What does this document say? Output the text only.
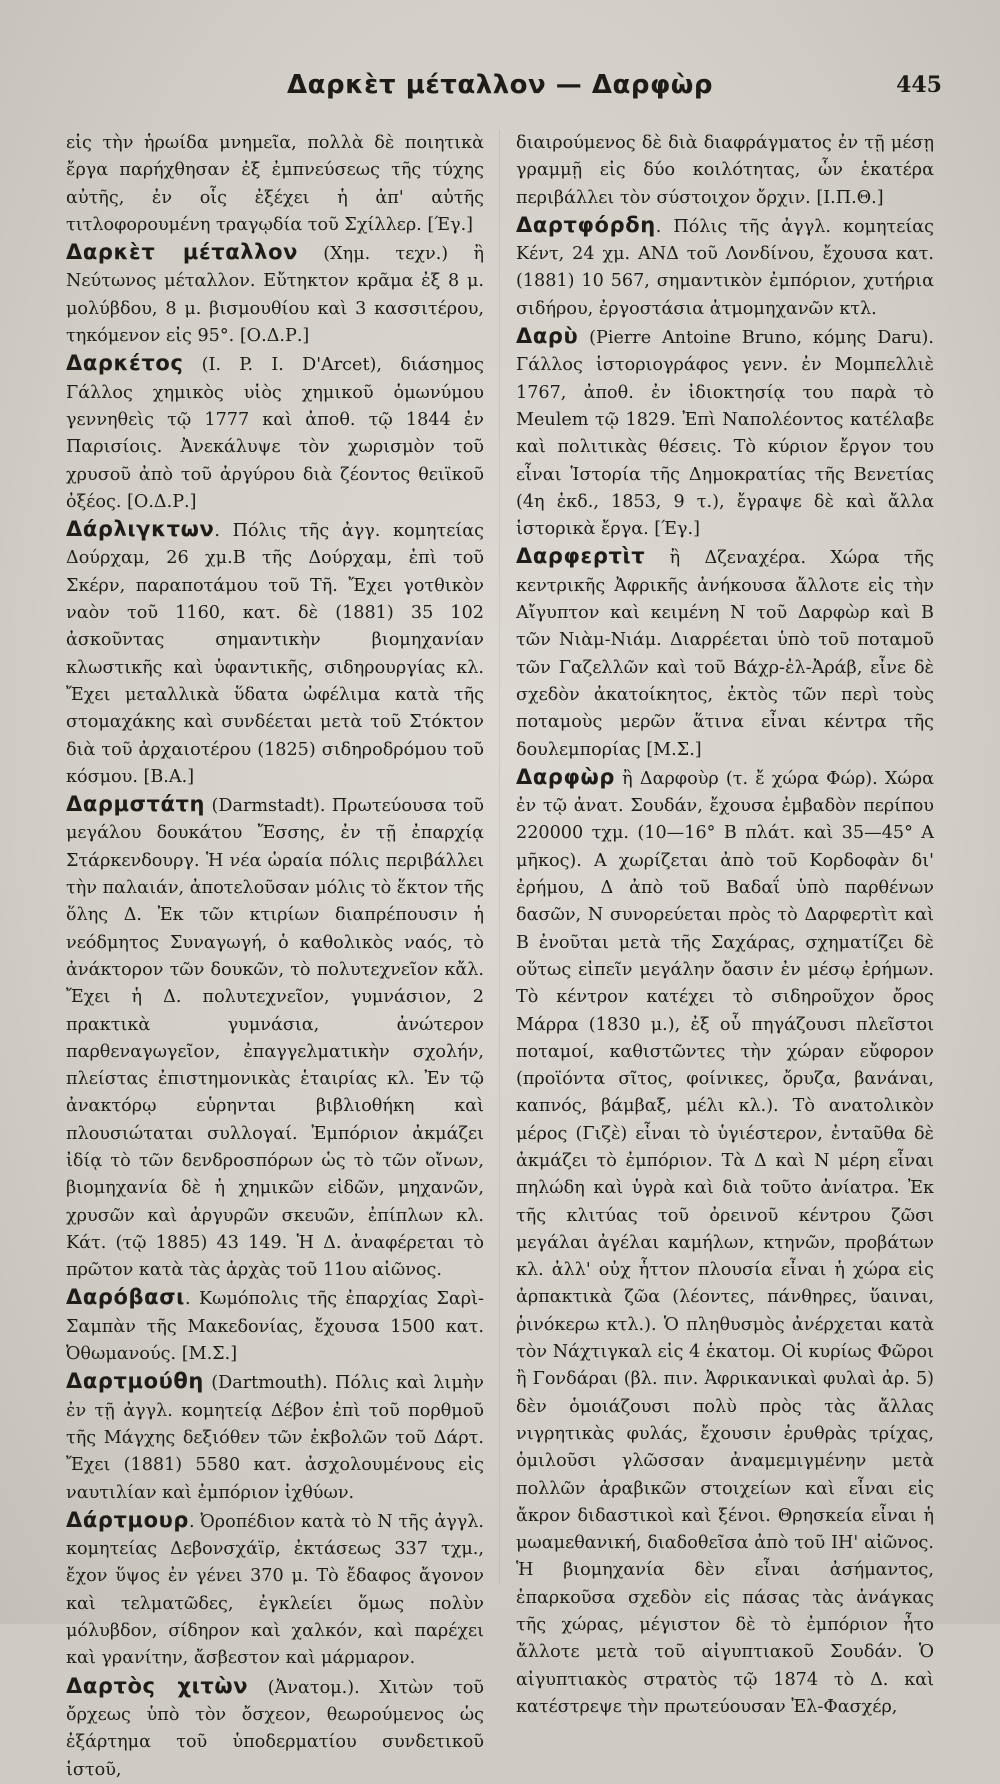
Δαρκὲτ μέταλλον — Δαρφὼρ	445

εἰς τὴν ἡρωίδα μνημεῖα, πολλὰ δὲ ποιητικὰ ἔργα παρήχθησαν ἐξ ἐμπνεύσεως τῆς τύχης αὐτῆς, ἐν οἷς ἐξέχει ἡ ἀπ' αὐτῆς τιτλοφορουμένη τραγῳδία τοῦ Σχίλλερ. [Έγ.]

Δαρκὲτ μέταλλον (Χημ. τεχν.) ἢ Νεύτωνος μέταλλον. Εὔτηκτον κρᾶμα ἐξ 8 μ. μολύβδου, 8 μ. βισμουθίου καὶ 3 κασσιτέρου, τηκόμενον εἰς 95°. [Ο.Δ.Ρ.]

Δαρκέτος (I. P. I. D'Arcet), διάσημος Γάλλος χημικὸς υἱὸς χημικοῦ ὁμωνύμου γεννηθεὶς τῷ 1777 καὶ ἀποθ. τῷ 1844 ἐν Παρισίοις. Ἀνεκάλυψε τὸν χωρισμὸν τοῦ χρυσοῦ ἀπὸ τοῦ ἀργύρου διὰ ζέοντος θειϊκοῦ ὀξέος. [Ο.Δ.Ρ.]

Δάρλιγκτων. Πόλις τῆς ἀγγ. κομητείας Δούρχαμ, 26 χμ.Β τῆς Δούρχαμ, ἐπὶ τοῦ Σκέρν, παραποτάμου τοῦ Τῆ. Ἔχει γοτθικὸν ναὸν τοῦ 1160, κατ. δὲ (1881) 35 102 ἀσκοῦντας σημαντικὴν βιομηχανίαν κλωστικῆς καὶ ὑφαντικῆς, σιδηρουργίας κλ. Ἔχει μεταλλικὰ ὕδατα ὠφέλιμα κατὰ τῆς στομαχάκης καὶ συνδέεται μετὰ τοῦ Στόκτον διὰ τοῦ ἀρχαιοτέρου (1825) σιδηροδρόμου τοῦ κόσμου. [Β.Α.]

Δαρμστάτη (Darmstadt). Πρωτεύουσα τοῦ μεγάλου δουκάτου Ἔσσης, ἐν τῇ ἐπαρχίᾳ Στάρκενδουργ. Ἡ νέα ὡραία πόλις περιβάλλει τὴν παλαιάν, ἀποτελοῦσαν μόλις τὸ ἕκτον τῆς ὅλης Δ. Ἐκ τῶν κτιρίων διαπρέπουσιν ἡ νεόδμητος Συναγωγή, ὁ καθολικὸς ναός, τὸ ἀνάκτορον τῶν δουκῶν, τὸ πολυτεχνεῖον κἄλ. Ἔχει ἡ Δ. πολυτεχνεῖον, γυμνάσιον, 2 πρακτικὰ γυμνάσια, ἀνώτερον παρθεναγωγεῖον, ἐπαγγελματικὴν σχολήν, πλείστας ἐπιστημονικὰς ἑταιρίας κλ. Ἐν τῷ ἀνακτόρῳ εὑρηνται βιβλιοθήκη καὶ πλουσιώταται συλλογαί. Ἐμπόριον ἀκμάζει ἰδίᾳ τὸ τῶν δενδροσπόρων ὡς τὸ τῶν οἴνων, βιομηχανία δὲ ἡ χημικῶν εἰδῶν, μηχανῶν, χρυσῶν καὶ ἀργυρῶν σκευῶν, ἐπίπλων κλ. Κάτ. (τῷ 1885) 43 149. Ἡ Δ. ἀναφέρεται τὸ πρῶτον κατὰ τὰς ἀρχὰς τοῦ 11ου αἰῶνος.

Δαρόβασι. Κωμόπολις τῆς ἐπαρχίας Σαρὶ-Σαμπὰν τῆς Μακεδονίας, ἔχουσα 1500 κατ. Ὀθωμανούς. [Μ.Σ.]

Δαρτμούθη (Dartmouth). Πόλις καὶ λιμὴν ἐν τῇ ἀγγλ. κομητείᾳ Δέβον ἐπὶ τοῦ πορθμοῦ τῆς Μάγχης δεξιόθεν τῶν ἐκβολῶν τοῦ Δάρτ. Ἔχει (1881) 5580 κατ. ἀσχολουμένους εἰς ναυτιλίαν καὶ ἐμπόριον ἰχθύων.

Δάρτμουρ. Ὀροπέδιον κατὰ τὸ Ν τῆς ἀγγλ. κομητείας Δεβονσχάϊρ, ἐκτάσεως 337 τχμ., ἔχον ὕψος ἐν γένει 370 μ. Τὸ ἔδαφος ἄγονον καὶ τελματῶδες, ἐγκλείει ὅμως πολὺν μόλυβδον, σίδηρον καὶ χαλκόν, καὶ παρέχει καὶ γρανίτην, ἄσβεστον καὶ μάρμαρον.

Δαρτὸς χιτὼν (Ἀνατομ.). Χιτὼν τοῦ ὄρχεως ὑπὸ τὸν ὄσχεον, θεωρούμενος ὡς ἐξάρτημα τοῦ ὑποδερματίου συνδετικοῦ ἱστοῦ,

διαιρούμενος δὲ διὰ διαφράγματος ἐν τῇ μέσῃ γραμμῇ εἰς δύο κοιλότητας, ὧν ἑκατέρα περιβάλλει τὸν σύστοιχον ὄρχιν. [Ι.Π.Θ.]

Δαρτφόρδη. Πόλις τῆς ἀγγλ. κομητείας Κέντ, 24 χμ. ΑΝΔ τοῦ Λονδίνου, ἔχουσα κατ. (1881) 10 567, σημαντικὸν ἐμπόριον, χυτήρια σιδήρου, ἐργοστάσια ἀτμομηχανῶν κτλ.

Δαρὺ (Pierre Antoine Bruno, κόμης Daru). Γάλλος ἱστοριογράφος γενν. ἐν Μομπελλιὲ 1767, ἀποθ. ἐν ἰδιοκτησίᾳ του παρὰ τὸ Meulem τῷ 1829. Ἐπὶ Ναπολέοντος κατέλαβε καὶ πολιτικὰς θέσεις. Τὸ κύριον ἔργον του εἶναι Ἱστορία τῆς Δημοκρατίας τῆς Βενετίας (4η ἐκδ., 1853, 9 τ.), ἔγραψε δὲ καὶ ἄλλα ἱστορικὰ ἔργα. [Έγ.]

Δαρφερτὶτ ἢ Δζεναχέρα. Χώρα τῆς κεντρικῆς Ἀφρικῆς ἀνήκουσα ἄλλοτε εἰς τὴν Αἴγυπτον καὶ κειμένη Ν τοῦ Δαρφὼρ καὶ Β τῶν Νιὰμ-Νιάμ. Διαρρέεται ὑπὸ τοῦ ποταμοῦ τῶν Γαζελλῶν καὶ τοῦ Βάχρ-ἐλ-Ἀράβ, εἶνε δὲ σχεδὸν ἀκατοίκητος, ἐκτὸς τῶν περὶ τοὺς ποταμοὺς μερῶν ἅτινα εἶναι κέντρα τῆς δουλεμπορίας [Μ.Σ.]

Δαρφὼρ ἢ Δαρφοὺρ (τ. ἔ χώρα Φώρ). Χώρα ἐν τῷ ἀνατ. Σουδάν, ἔχουσα ἐμβαδὸν περίπου 220000 τχμ. (10—16° Β πλάτ. καὶ 35—45° Α μῆκος). Α χωρίζεται ἀπὸ τοῦ Κορδοφὰν δι' ἐρήμου, Δ ἀπὸ τοῦ Βαδαΐ ὑπὸ παρθένων δασῶν, Ν συνορεύεται πρὸς τὸ Δαρφερτὶτ καὶ Β ἐνοῦται μετὰ τῆς Σαχάρας, σχηματίζει δὲ οὕτως εἰπεῖν μεγάλην ὄασιν ἐν μέσῳ ἐρήμων. Τὸ κέντρον κατέχει τὸ σιδηροῦχον ὄρος Μάρρα (1830 μ.), ἐξ οὗ πηγάζουσι πλεῖστοι ποταμοί, καθιστῶντες τὴν χώραν εὔφορον (προϊόντα σῖτος, φοίνικες, ὄρυζα, βανάναι, καπνός, βάμβαξ, μέλι κλ.). Τὸ ανατολικὸν μέρος (Γιζὲ) εἶναι τὸ ὑγιέστερον, ἐνταῦθα δὲ ἀκμάζει τὸ ἐμπόριον. Τὰ Δ καὶ Ν μέρη εἶναι πηλώδη καὶ ὑγρὰ καὶ διὰ τοῦτο ἀνίατρα. Ἐκ τῆς κλιτύας τοῦ ὀρεινοῦ κέντρου ζῶσι μεγάλαι ἀγέλαι καμήλων, κτηνῶν, προβάτων κλ. ἀλλ' οὐχ ἧττον πλουσία εἶναι ἡ χώρα εἰς ἀρπακτικὰ ζῶα (λέοντες, πάνθηρες, ὕαιναι, ῥινόκερω κτλ.). Ὁ πληθυσμὸς ἀνέρχεται κατὰ τὸν Νάχτιγκαλ εἰς 4 ἑκατομ. Οἱ κυρίως Φῶροι ἢ Γονδάραι (βλ. πιν. Ἀφρικανικαὶ φυλαὶ ἀρ. 5) δὲν ὁμοιάζουσι πολὺ πρὸς τὰς ἄλλας νιγρητικὰς φυλάς, ἔχουσιν ἐρυθρὰς τρίχας, ὁμιλοῦσι γλῶσσαν ἀναμεμιγμένην μετὰ πολλῶν ἀραβικῶν στοιχείων καὶ εἶναι εἰς ἄκρον διδαστικοὶ καὶ ξένοι. Θρησκεία εἶναι ἡ μωαμεθανική, διαδοθεῖσα ἀπὸ τοῦ ΙΗ' αἰῶνος. Ἡ βιομηχανία δὲν εἶναι ἀσήμαντος, ἐπαρκοῦσα σχεδὸν εἰς πάσας τὰς ἀνάγκας τῆς χώρας, μέγιστον δὲ τὸ ἐμπόριον ἦτο ἄλλοτε μετὰ τοῦ αἰγυπτιακοῦ Σουδάν. Ὁ αἰγυπτιακὸς στρατὸς τῷ 1874 τὸ Δ. καὶ κατέστρεψε τὴν πρωτεύουσαν Ἐλ-Φασχέρ,
